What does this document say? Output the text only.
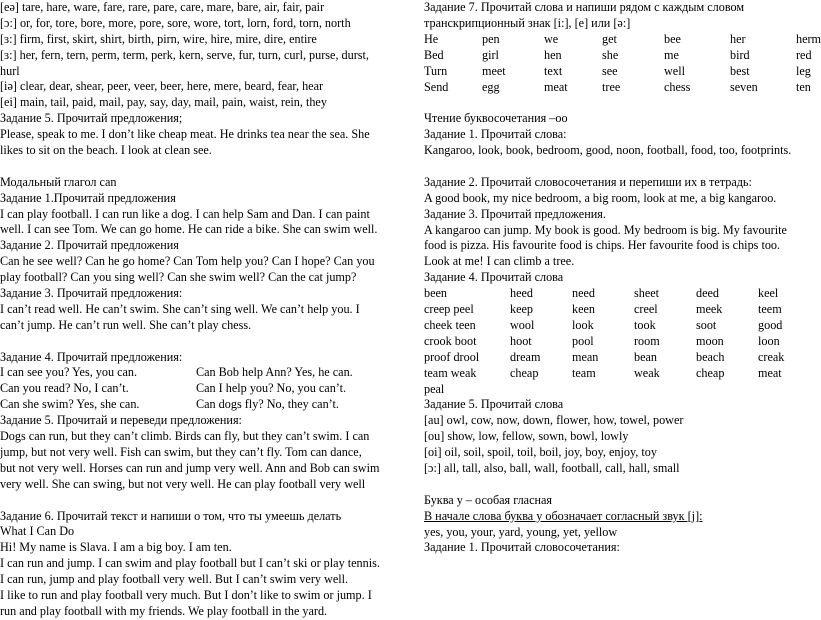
[eə] tare, hare, ware, fare, rare, pare, care, mare, bare, air, fair, pair
[ɔ:] or, for, tore, bore, more, pore, sore, wore, tort, lorn, ford, torn, north
[ɜ:] firm, first, skirt, shirt, birth, pirn, wire, hire, mire, dire, entire
[ɜ:] her, fern, tern, perm, term, perk, kern, serve, fur, turn, curl, purse, durst,
hurl
[iə] clear, dear, shear, peer, veer, beer, here, mere, beard, fear, hear
[ei] main, tail, paid, mail, pay, say, day, mail, pain, waist, rein, they
Задание 5. Прочитай предложения;
Please, speak to me. I don’t like cheap meat. He drinks tea near the sea. She
likes to sit on the beach. I look at clean see.
Модальный глагол can
Задание 1.Прочитай предложения
I can play football. I can run like a dog. I can help Sam and Dan. I can paint
well. I can see Tom. We can go home. He can ride a bike. She can swim well.
Задание 2. Прочитай предложения
Can he see well? Can he go home? Can Tom help you? Can I hope? Can you
play football? Can you sing well? Can she swim well? Can the cat jump?
Задание 3. Прочитай предложения:
I can’t read well. He can’t swim. She can’t sing well. We can’t help you. I
can’t jump. He can’t run well. She can’t play chess.
Задание 4. Прочитай предложения:
I can see you? Yes, you can.	Can Bob help Ann? Yes, he can.
Can you read? No, I can’t.	Can I help you? No, you can’t.
Can she swim? Yes, she can.	Can dogs fly? No, they can’t.
Задание 5. Прочитай и переведи предложения:
Dogs can run, but they can’t climb. Birds can fly, but they can’t swim. I can
jump, but not very well. Fish can swim, but they can’t fly. Tom can dance,
but not very well. Horses can run and jump very well. Ann and Bob can swim
very well. She can swing, but not very well. He can play football very well
Задание 6. Прочитай текст и напиши о том, что ты умеешь делать
What I Can Do
Hi! My name is Slava. I am a big boy. I am ten.
I can run and jump. I can swim and play football but I can’t ski or play tennis.
I can run, jump and play football very well. But I can’t swim very well.
I like to run and play football very much. But I don’t like to swim or jump. I
run and play football with my friends. We play football in the yard.
Задание 7. Прочитай слова и напиши рядом с каждым словом
транскрипционный знак [i:], [e] или [ə:]
He	pen	we	get	bee	her	herm
Bed	girl	hen	she	me	bird	red
Turn	meet	text	see	well	best	leg
Send	egg	meat	tree	chess	seven	ten
Чтение буквосочетания –oo
Задание 1. Прочитай слова:
Kangaroo, look, book, bedroom, good, noon, football, food, too, footprints.
Задание 2. Прочитай словосочетания и перепиши их в тетрадь:
A good book, my nice bedroom, a big room, look at me, a big kangaroo.
Задание 3. Прочитай предложения.
A kangaroo can jump. My book is good. My bedroom is big. My favourite
food is pizza. His favourite food is chips. Her favourite food is chips too.
Look at me! I can climb a tree.
Задание 4. Прочитай слова
been	heed	need	sheet	deed	keel
creep peel	keep	keen	creel	meek	teem
cheek teen	wool	look	took	soot	good
crook boot	hoot	pool	room	moon	loon
proof drool	dream	mean	bean	beach	creak
team weak	cheap	team	weak	cheap	meat
peal
Задание 5. Прочитай слова
[au] owl, cow, now, down, flower, how, towel, power
[ou] show, low, fellow, sown, bowl, lowly
[oi] oil, soil, spoil, toil, boil, joy, boy, enjoy, toy
[ɔ:] all, tall, also, ball, wall, football, call, hall, small
Буква y – особая гласная
В начале слова буква y обозначает согласный звук [j]:
yes, you, your, yard, young, yet, yellow
Задание 1. Прочитай словосочетания:
